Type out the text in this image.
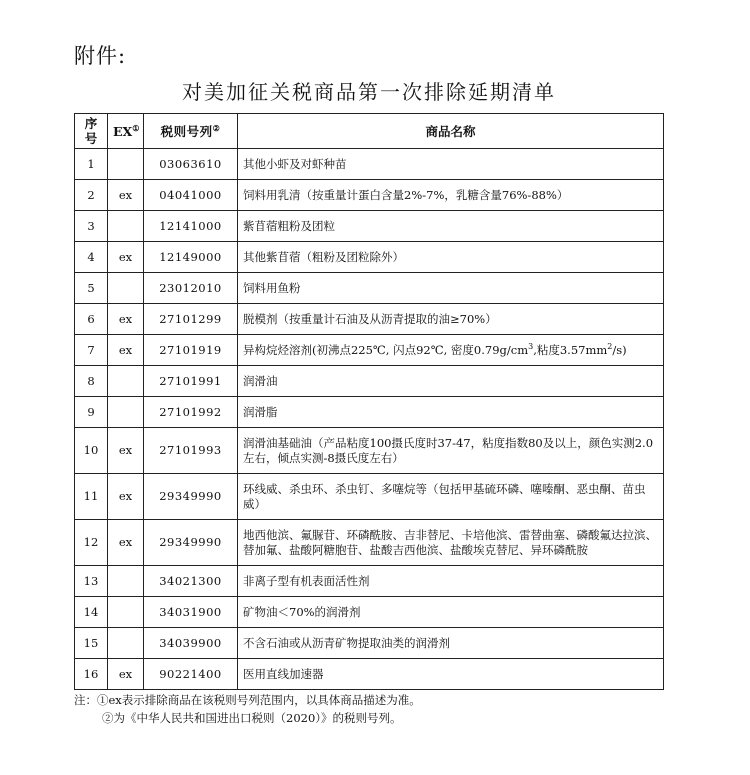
附件:
对美加征关税商品第一次排除延期清单
序号	EX①	税则号列②	商品名称
1		03063610	其他小虾及对虾种苗
2	ex	04041000	饲料用乳清（按重量计蛋白含量2%-7%，乳糖含量76%-88%）
3		12141000	紫苜蓿粗粉及团粒
4	ex	12149000	其他紫苜蓿（粗粉及团粒除外）
5		23012010	饲料用鱼粉
6	ex	27101299	脱模剂（按重量计石油及从沥青提取的油≥70%）
7	ex	27101919	异构烷烃溶剂(初沸点225℃, 闪点92℃, 密度$0.79g/cm^3$,粘度$3.57mm^2/s$)
8		27101991	润滑油
9		27101992	润滑脂
10	ex	27101993	润滑油基础油（产品粘度100摄氏度时37-47，粘度指数80及以上，颜色实测2.0左右，倾点实测-8摄氏度左右）
11	ex	29349990	环线威、杀虫环、杀虫钉、多噻烷等（包括甲基硫环磷、噻嗪酮、恶虫酮、苗虫威）
12	ex	29349990	地西他滨、氟脲苷、环磷酰胺、吉非替尼、卡培他滨、雷替曲塞、磷酸氟达拉滨、替加氟、盐酸阿糖胞苷、盐酸吉西他滨、盐酸埃克替尼、异环磷酰胺
13		34021300	非离子型有机表面活性剂
14		34031900	矿物油＜70%的润滑剂
15		34039900	不含石油或从沥青矿物提取油类的润滑剂
16	ex	90221400	医用直线加速器
注：①ex表示排除商品在该税则号列范围内，以具体商品描述为准。
②为《中华人民共和国进出口税则（2020）》的税则号列。
